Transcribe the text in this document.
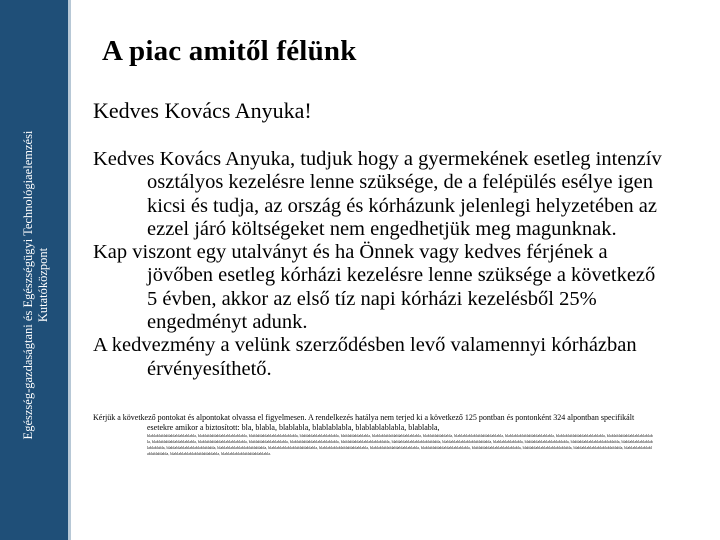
Egészség-gazdaságtani és Egészségügyi Technológiaelemzési Kutatóközpont
A piac amitől félünk

Kedves Kovács Anyuka!

Kedves Kovács Anyuka, tudjuk hogy a gyermekének esetleg intenzív osztályos kezelésre lenne szüksége, de a felépülés esélye igen kicsi és tudja, az ország és kórházunk jelenlegi helyzetében az ezzel járó költségeket nem engedhetjük meg magunknak.

Kap viszont egy utalványt és ha Önnek vagy kedves férjének a jövőben esetleg kórházi kezelésre lenne szüksége a következő 5 évben, akkor az első tíz napi kórházi kezelésből 25% engedményt adunk.

A kedvezmény a velünk szerződésben levő valamennyi kórházban érvényesíthető.

Kérjük a következő pontokat és alpontokat olvassa el figyelmesen. A rendelkezés hatálya nem terjed ki a következő 125 pontban és pontonként 324 alpontban specifikált esetekre amikor a biztosított: bla, blabla, blablabla, blablablabla, blablablablabla, blablabla,

blablablablablablablablablabla, blablablablablablablablablabla, blablablablablablablablablabla, blablablablablablablabla, blablablablablabla, blablablablablablablablablabla, blablablablablabla, blablablablablablablablablabla, blablablablablablablablablabla, blablablablablablablablablabla, blablablablablablablablablabla, blablablablablablablablabla, blablablablablablablablablabla, blablablablablablablabla, blablablablablablablablablabla, blablablablablablablablablabla, blablablablablablablablablabla, blablablablablablablablablabla, blablablablablabla, blablablablablablablablabla, blablablablablablablablablabla, blablablablablablablablablabla, blablablablablablablablablabla, blablablablablablablablablabla, blablablablablablablablablabla, blablablablablablablablablabla, blablablablablablablablablabla, blablablablablablablablablabla, blablablablablablablablablabla, blablablablablablablablablabla, blablablablablablablablablabla, blablablablablablablablablabla, blablablablablablablablablabla, blablablablablablablablablabla.
